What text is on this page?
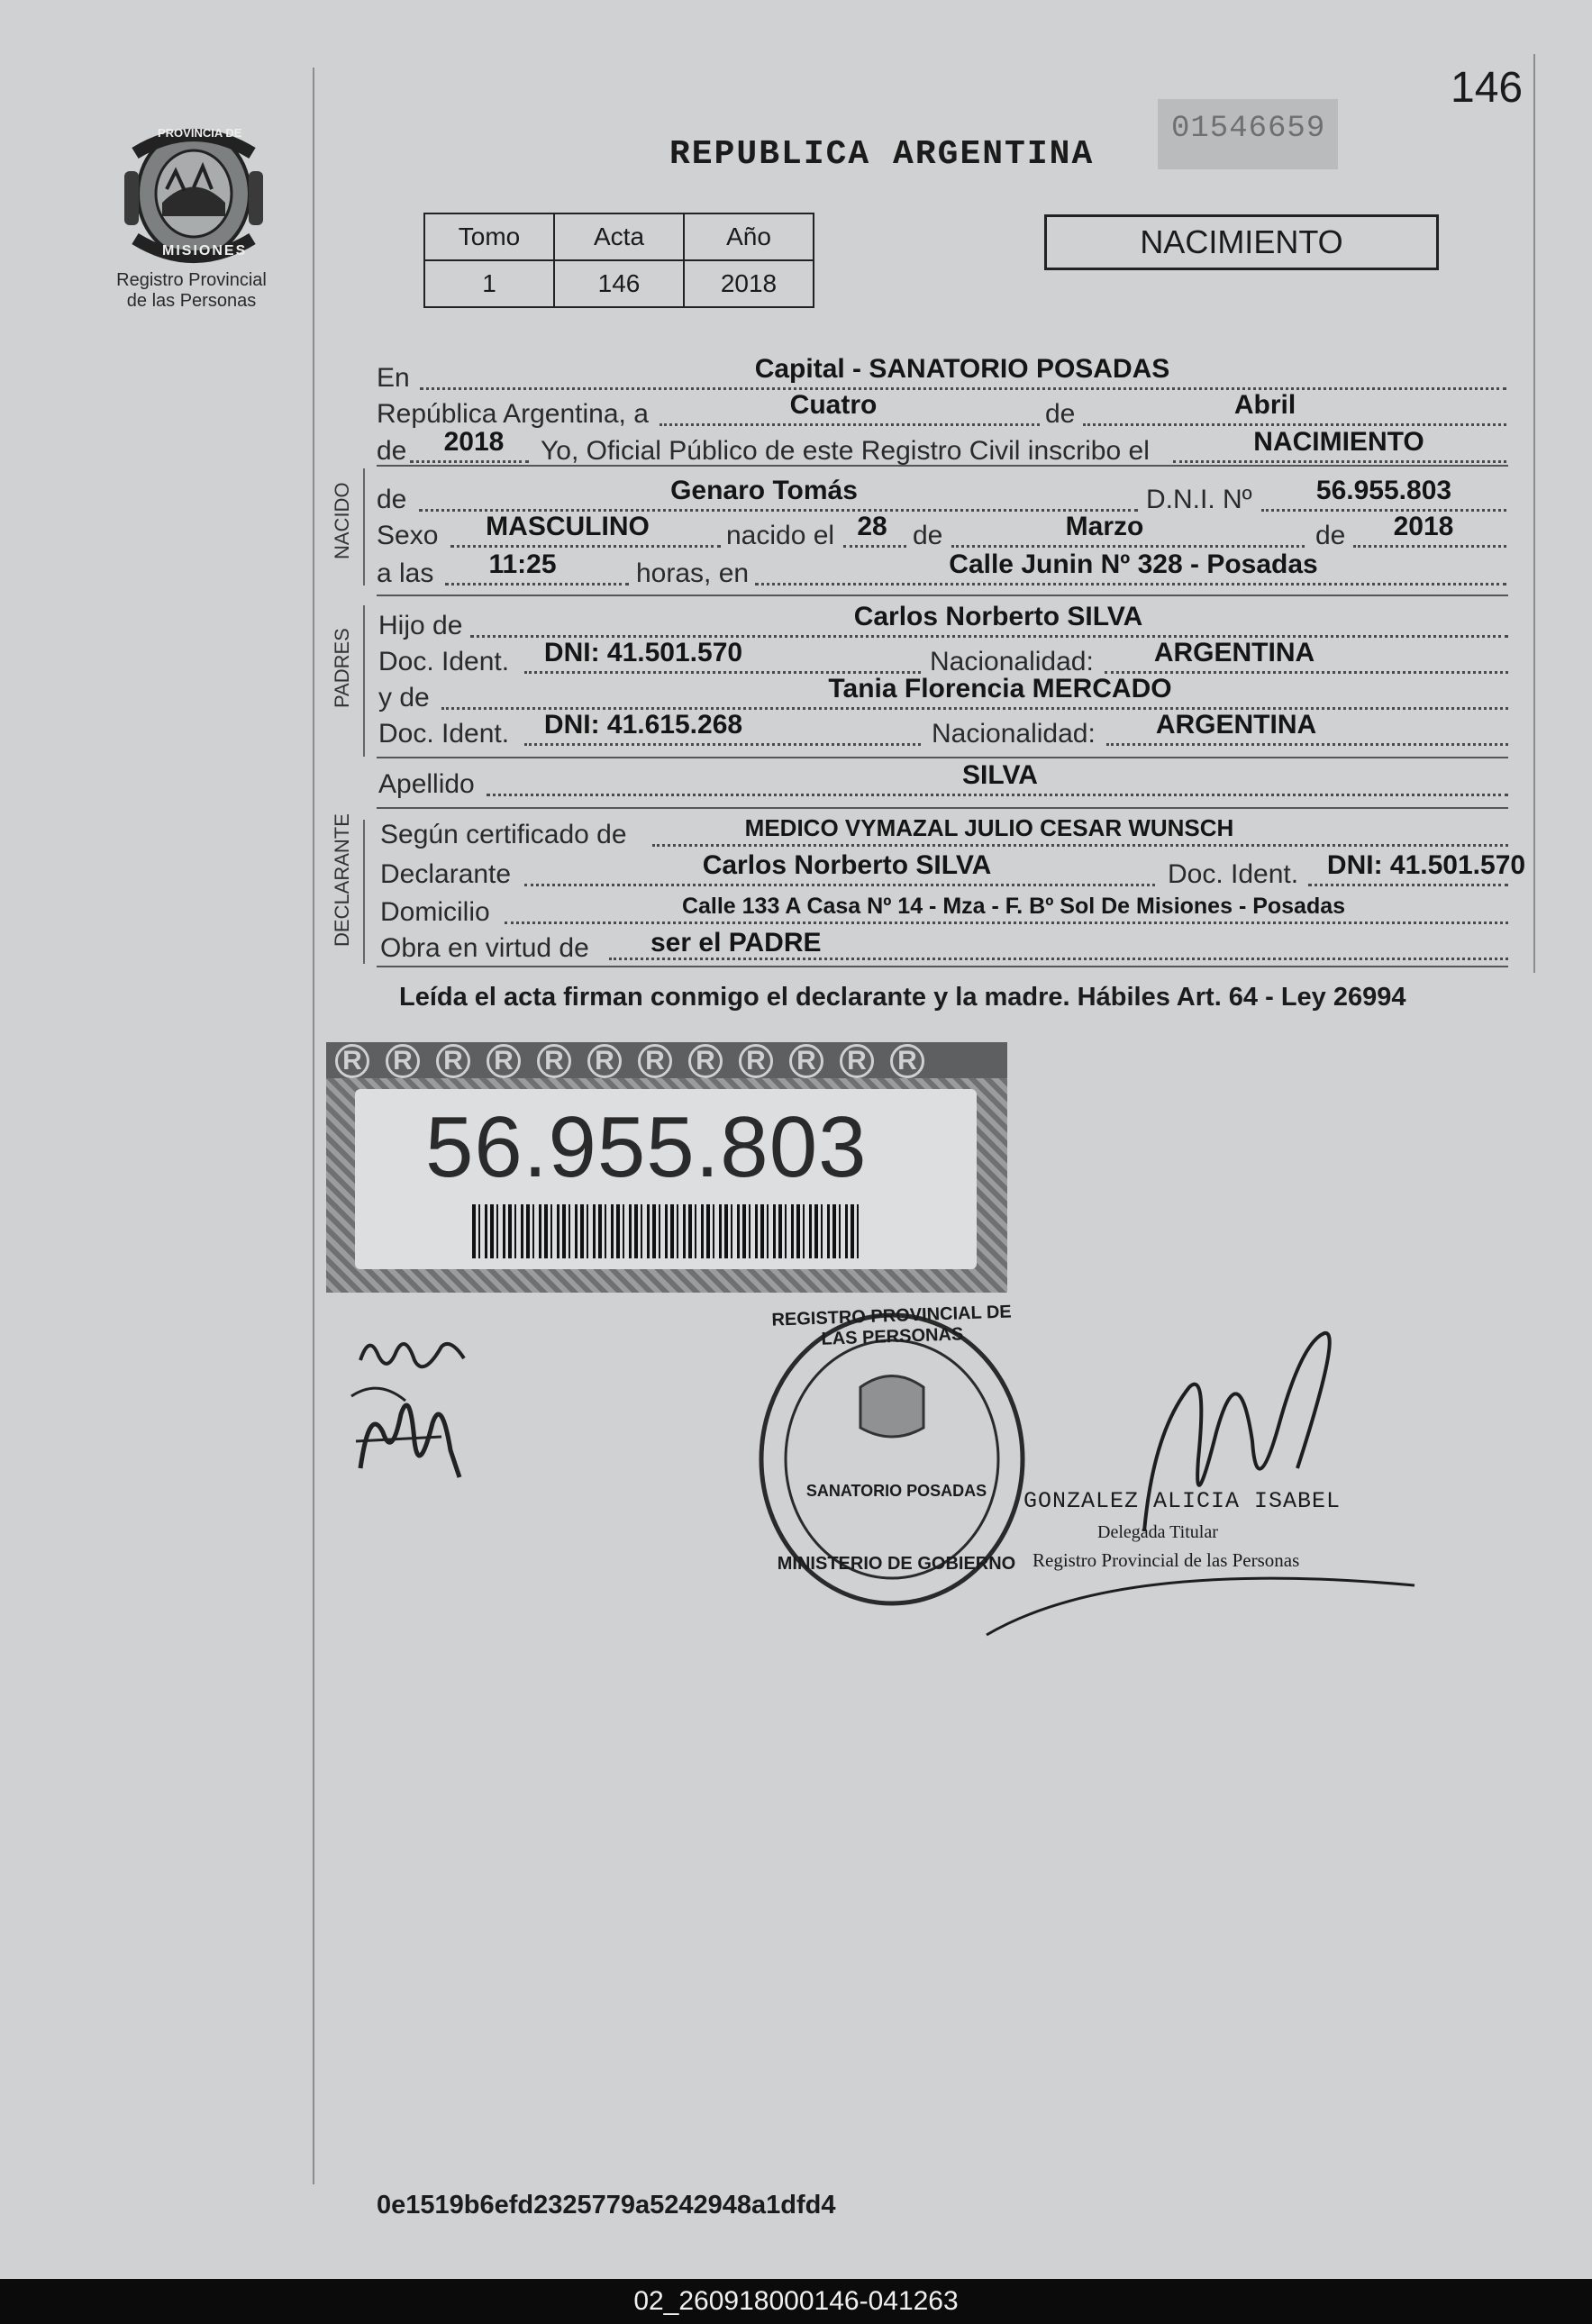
146
PROVINCIA DE
MISIONES
Registro Provincial
de las Personas
REPUBLICA ARGENTINA
01546659
Tomo	Acta	Año
1	146	2018
NACIMIENTO
En	Capital - SANATORIO POSADAS
República Argentina, a	Cuatro	de	Abril
de 2018 Yo, Oficial Público de este Registro Civil inscribo el	NACIMIENTO
NACIDO de	Genaro Tomás	D.N.I. Nº 56.955.803
Sexo MASCULINO	nacido el 28 de	Marzo	de 2018
a las 11:25	horas, en	Calle Junin Nº 328 - Posadas
PADRES
Hijo de	Carlos Norberto SILVA
Doc. Ident. DNI: 41.501.570	Nacionalidad: ARGENTINA
y de	Tania Florencia MERCADO
Doc. Ident. DNI: 41.615.268	Nacionalidad: ARGENTINA
Apellido	SILVA
DECLARANTE Según certificado de	MEDICO VYMAZAL JULIO CESAR WUNSCH
Declarante	Carlos Norberto SILVA	Doc. Ident. DNI: 41.501.570
Domicilio	Calle 133 A Casa Nº 14 - Mza - F. Bº Sol De Misiones - Posadas
Obra en virtud de ser el PADRE
Leída el acta firman conmigo el declarante y la madre. Hábiles Art. 64 - Ley 26994
R R R R R R R R R R R R
56.955.803
REGISTRO PROVINCIAL DE LAS PERSONAS
SANATORIO POSADAS
MINISTERIO DE GOBIERNO
GONZALEZ ALICIA ISABEL
Delegada Titular
Registro Provincial de las Personas
0e1519b6efd2325779a5242948a1dfd4
02_260918000146-041263
